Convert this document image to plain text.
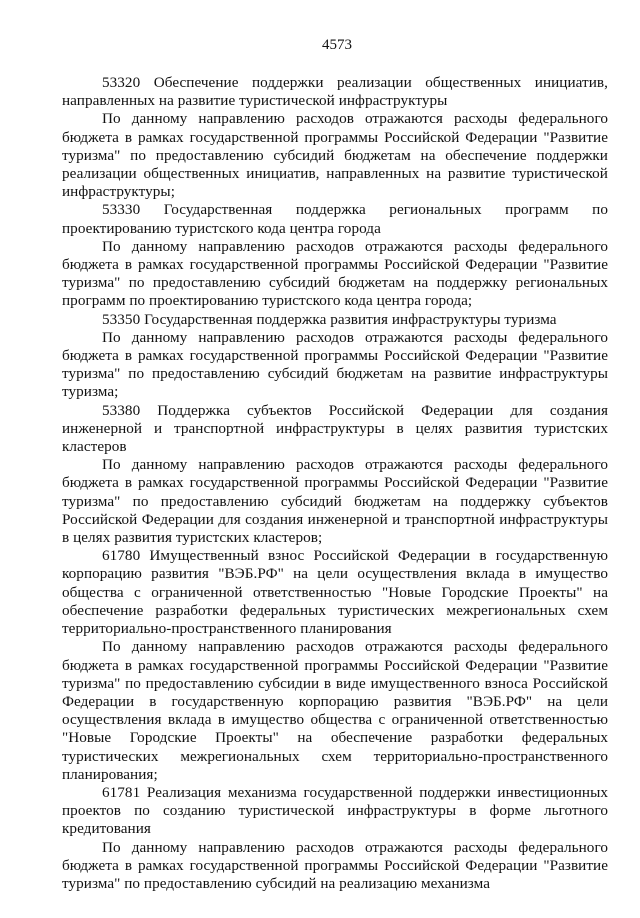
4573

53320 Обеспечение поддержки реализации общественных инициатив, направленных на развитие туристической инфраструктуры

По данному направлению расходов отражаются расходы федерального бюджета в рамках государственной программы Российской Федерации "Развитие туризма" по предоставлению субсидий бюджетам на обеспечение поддержки реализации общественных инициатив, направленных на развитие туристической инфраструктуры;

53330 Государственная поддержка региональных программ по проектированию туристского кода центра города

По данному направлению расходов отражаются расходы федерального бюджета в рамках государственной программы Российской Федерации "Развитие туризма" по предоставлению субсидий бюджетам на поддержку региональных программ по проектированию туристского кода центра города;

53350 Государственная поддержка развития инфраструктуры туризма

По данному направлению расходов отражаются расходы федерального бюджета в рамках государственной программы Российской Федерации "Развитие туризма" по предоставлению субсидий бюджетам на развитие инфраструктуры туризма;

53380 Поддержка субъектов Российской Федерации для создания инженерной и транспортной инфраструктуры в целях развития туристских кластеров

По данному направлению расходов отражаются расходы федерального бюджета в рамках государственной программы Российской Федерации "Развитие туризма" по предоставлению субсидий бюджетам на поддержку субъектов Российской Федерации для создания инженерной и транспортной инфраструктуры в целях развития туристских кластеров;

61780 Имущественный взнос Российской Федерации в государственную корпорацию развития "ВЭБ.РФ" на цели осуществления вклада в имущество общества с ограниченной ответственностью "Новые Городские Проекты" на обеспечение разработки федеральных туристических межрегиональных схем территориально-пространственного планирования

По данному направлению расходов отражаются расходы федерального бюджета в рамках государственной программы Российской Федерации "Развитие туризма" по предоставлению субсидии в виде имущественного взноса Российской Федерации в государственную корпорацию развития "ВЭБ.РФ" на цели осуществления вклада в имущество общества с ограниченной ответственностью "Новые Городские Проекты" на обеспечение разработки федеральных туристических межрегиональных схем территориально-пространственного планирования;

61781 Реализация механизма государственной поддержки инвестиционных проектов по созданию туристической инфраструктуры в форме льготного кредитования

По данному направлению расходов отражаются расходы федерального бюджета в рамках государственной программы Российской Федерации "Развитие туризма" по предоставлению субсидий на реализацию механизма
